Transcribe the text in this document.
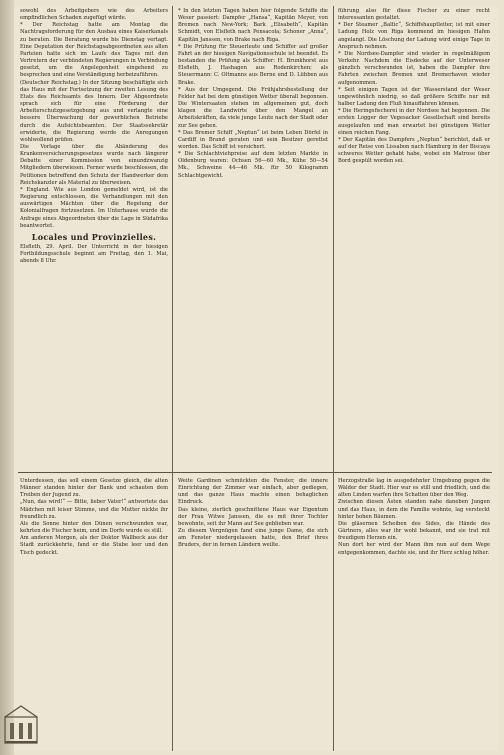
sowohl des Arbeitgebers wie des Arbeiters empfindlichen Schaden zugefügt würde.

* Der Reichstag hatte am Montag die Nachtragsforderung für den Ausbau eines Kaiserkanals zu beraten. Die Beratung wurde bis Dienstag vertagt. Eine Deputation der Reichstagsabgeordneten aus allen Parteien hatte sich im Laufe des Tages mit den Vertretern der verbündeten Regierungen in Verbindung gesetzt, um die Angelegenheit eingehend zu besprechen und eine Verständigung herbeizuführen.

(Deutscher Reichstag.) In der Sitzung beschäftigte sich das Haus mit der Fortsetzung der zweiten Lesung des Etats des Reichsamts des Innern. Der Abgeordnete sprach sich für eine Förderung der Arbeiterschutzgesetzgebung aus und verlangte eine bessere Überwachung der gewerblichen Betriebe durch die Aufsichtsbeamten. Der Staatssekretär erwiderte, die Regierung werde die Anregungen wohlwollend prüfen.

Die Vorlage über die Abänderung des Krankenversicherungsgesetzes wurde nach längerer Debatte einer Kommission von einundzwanzig Mitgliedern überwiesen. Ferner wurde beschlossen, die Petitionen betreffend den Schutz der Handwerker dem Reichskanzler als Material zu überweisen.

* England. Wie aus London gemeldet wird, ist die Regierung entschlossen, die Verhandlungen mit den auswärtigen Mächten über die Regelung der Kolonialfragen fortzusetzen. Im Unterhause wurde die Anfrage eines Abgeordneten über die Lage in Südafrika beantwortet.

Locales und Provinzielles.

Elsfleth, 29. April. Der Unterricht in der hiesigen Fortbildungsschule beginnt am Freitag, den 1. Mai, abends 8 Uhr.

* In den letzten Tagen haben hier folgende Schiffe die Weser passiert: Dampfer „Hansa“, Kapitän Meyer, von Bremen nach New-York; Bark „Elisabeth“, Kapitän Schmidt, von Elsfleth nach Pensacola; Schoner „Anna“, Kapitän Janssen, von Brake nach Riga.

* Die Prüfung für Steuerleute und Schiffer auf großer Fahrt an der hiesigen Navigationsschule ist beendet. Es bestanden die Prüfung als Schiffer: H. Brunkhorst aus Elsfleth, J. Hashagen aus Rodenkirchen; als Steuermann: C. Oltmanns aus Berne und D. Lübben aus Brake.

* Aus der Umgegend. Die Frühjahrsbestellung der Felder hat bei dem günstigen Wetter überall begonnen. Die Wintersaaten stehen im allgemeinen gut, doch klagen die Landwirte über den Mangel an Arbeitskräften, da viele junge Leute nach der Stadt oder zur See gehen.

* Das Bremer Schiff „Neptun“ ist beim Leben Dörfel in Cardiff in Brand geraten und sein Besitzer gerettet worden. Das Schiff ist versichert.

* Die Schlachtviehpreise auf dem letzten Markte in Oldenburg waren: Ochsen 56—60 Mk., Kühe 50—54 Mk., Schweine 44—46 Mk. für 50 Kilogramm Schlachtgewicht.

führung also für diese Fischer zu einer recht interessanten gestaltet.

* Der Steamer „Baltic“, Schiffshauptleiter, ist mit einer Ladung Holz von Riga kommend im hiesigen Hafen angelangt. Die Löschung der Ladung wird einige Tage in Anspruch nehmen.

* Die Nordsee-Dampfer sind wieder in regelmäßigem Verkehr. Nachdem die Eisdecke auf der Unterweser gänzlich verschwunden ist, haben die Dampfer ihre Fahrten zwischen Bremen und Bremerhaven wieder aufgenommen.

* Seit einigen Tagen ist der Wasserstand der Weser ungewöhnlich niedrig, so daß größere Schiffe nur mit halber Ladung den Fluß hinauffahren können.

* Die Heringsfischerei in der Nordsee hat begonnen. Die ersten Logger der Vegesacker Gesellschaft sind bereits ausgelaufen und man erwartet bei günstigem Wetter einen reichen Fang.

* Der Kapitän des Dampfers „Neptun“ berichtet, daß er auf der Reise von Lissabon nach Hamburg in der Biscaya schweres Wetter gehabt habe, wobei ein Matrose über Bord gespült worden sei.

Unterdessen, das soll einem Gesetze gleich, die alten Männer standen hinter der Bank und schauten dem Treiben der Jugend zu.

„Nun, das wird!“ — Bitte, lieber Vater!“ antwortete das Mädchen mit leiser Stimme, und die Mutter nickte ihr freundlich zu.

Als die Sonne hinter den Dünen verschwunden war, kehrten die Fischer heim, und im Dorfe wurde es still.

Am anderen Morgen, als der Doktor Wallbeck aus der Stadt zurückkehrte, fand er die Stube leer und den Tisch gedeckt.

Weite Gardinen schmückten die Fenster, die innere Einrichtung der Zimmer war einfach, aber gediegen, und das ganze Haus machte einen behaglichen Eindruck.

Das kleine, zierlich geschnittene Haus war Eigentum der Frau Witwe Janssen, die es mit ihrer Tochter bewohnte, seit ihr Mann auf See geblieben war.

Zu diesem Vergnügen fand eine junge Dame, die sich am Fenster niedergelassen hatte, den Brief ihres Bruders, der in fernen Ländern weilte.

Herzogstraße lag in ausgedehnter Umgebung gegen die Wälder der Stadt. Hier war es still und friedlich, und die alten Linden warfen ihre Schatten über den Weg.

Zwischen diesen Ästen standen nahe daneben Jungen und das Haus, in dem die Familie wohnte, lag versteckt hinter hohen Bäumen.

Die gläsernen Scheiben des Sides, die Hände des Gärtners, alles war ihr wohl bekannt, und sie trat mit freudigem Herzen ein.

Nun dort her wird der Mann ihm nun auf dem Wege entgegenkommen, dachte sie, und ihr Herz schlug höher.
